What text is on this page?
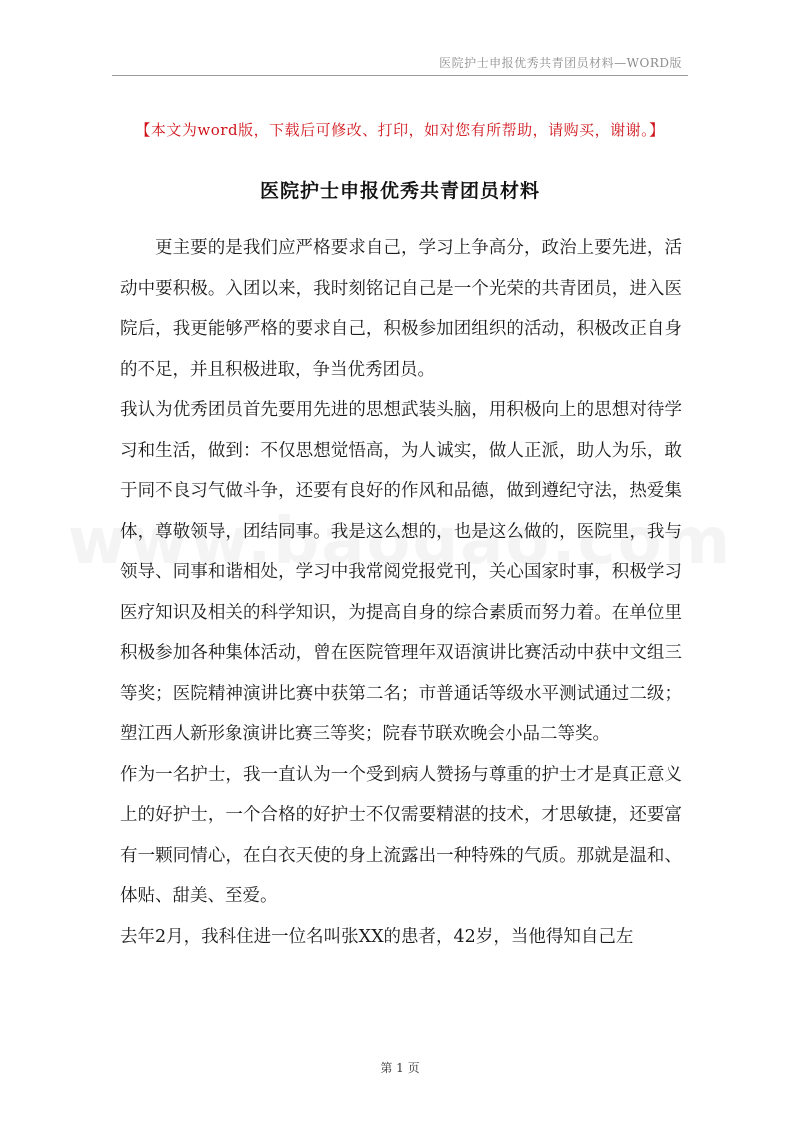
医院护士申报优秀共青团员材料—WORD版
【本文为word版，下载后可修改、打印，如对您有所帮助，请购买，谢谢。】
医院护士申报优秀共青团员材料

更主要的是我们应严格要求自己，学习上争高分，政治上要先进，活动中要积极。入团以来，我时刻铭记自己是一个光荣的共青团员，进入医院后，我更能够严格的要求自己，积极参加团组织的活动，积极改正自身的不足，并且积极进取，争当优秀团员。

我认为优秀团员首先要用先进的思想武装头脑，用积极向上的思想对待学习和生活，做到：不仅思想觉悟高，为人诚实，做人正派，助人为乐，敢于同不良习气做斗争，还要有良好的作风和品德，做到遵纪守法，热爱集体，尊敬领导，团结同事。我是这么想的，也是这么做的，医院里，我与领导、同事和谐相处，学习中我常阅党报党刊，关心国家时事，积极学习医疗知识及相关的科学知识，为提高自身的综合素质而努力着。在单位里积极参加各种集体活动，曾在医院管理年双语演讲比赛活动中获中文组三等奖；医院精神演讲比赛中获第二名；市普通话等级水平测试通过二级；塑江西人新形象演讲比赛三等奖；院春节联欢晚会小品二等奖。

作为一名护士，我一直认为一个受到病人赞扬与尊重的护士才是真正意义上的好护士，一个合格的好护士不仅需要精湛的技术，才思敏捷，还要富有一颗同情心，在白衣天使的身上流露出一种特殊的气质。那就是温和、体贴、甜美、至爱。

去年2月，我科住进一位名叫张XX的患者，42岁，当他得知自己左

第 1 页
